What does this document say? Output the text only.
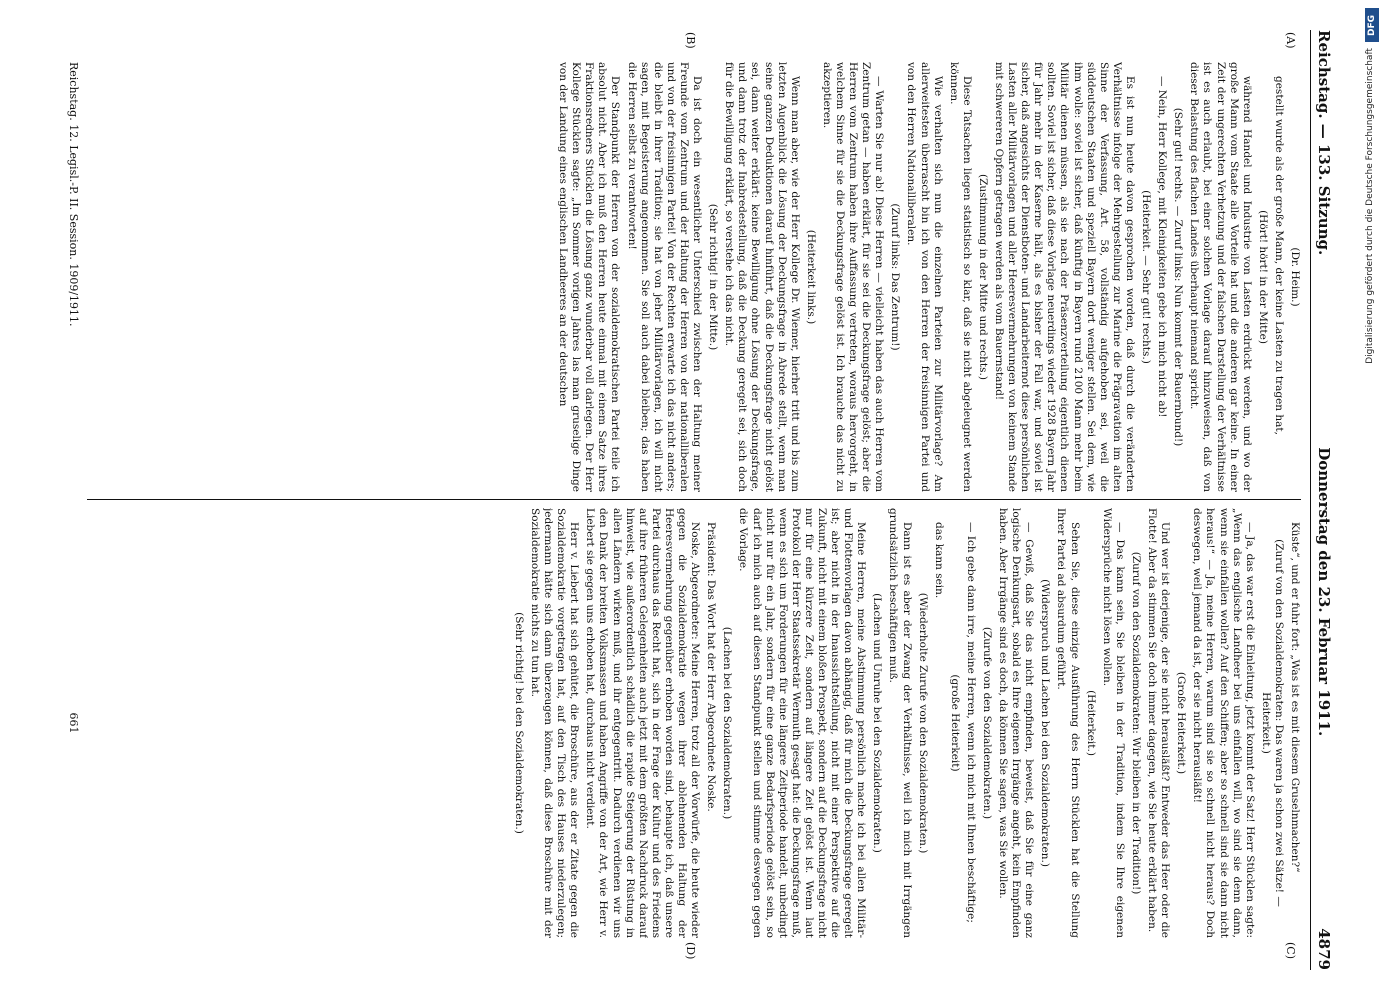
Reichstag. — 133. Sitzung.
Donnerstag den 23. Februar 1911.
4879
(A)
(B)
(C)
(D)

(Dr. Heim.)

gestellt wurde als der große Mann, der keine Lasten zu tragen hat,

(Hört! hört! in der Mitte)

während Handel und Industrie von Lasten erdrückt werden, und wo der große Mann vom Staate alle Vorteile hat und die anderen gar keine. In einer Zeit der ungerechten Verhetzung und der falschen Darstellung der Verhältnisse ist es auch erlaubt, bei einer solchen Vorlage darauf hinzuweisen, daß von dieser Belastung des flachen Landes überhaupt niemand spricht.

(Sehr gut! rechts. — Zuruf links: Nun kommt der Bauernbund!)

— Nein, Herr Kollege, mit Kleinigkeiten gebe ich mich nicht ab!

(Heiterkeit. — Sehr gut! rechts.)

Es ist nun heute davon gesprochen worden, daß durch die veränderten Verhältnisse infolge der Mehrgestellung zur Marine die Prägravation im alten Sinne der Verfassung, Art. 58, vollständig aufgehoben sei, weil die süddeutschen Staaten und speziell Bayern dort weniger stellen. Sei dem, wie ihm wolle: soviel ist sicher, daß künftig in Bayern rund 2100 Mann mehr beim Militär dienen müssen, als sie nach der Präsenzverteilung eigentlich dienen sollten. Soviel ist sicher, daß diese Vorlage neuerdings wieder 1928 Bayern Jahr für Jahr mehr in der Kaserne hält, als es bisher der Fall war, und soviel ist sicher, daß angesichts der Dienstboten- und Landarbeiternot diese persönlichen Lasten aller Militärvorlagen und aller Heeresvermehrungen von keinem Stande mit schwereren Opfern getragen werden als vom Bauernstand!

(Zustimmung in der Mitte und rechts.)

Diese Tatsachen liegen statistisch so klar, daß sie nicht abgeleugnet werden können.

Wie verhalten sich nun die einzelnen Parteien zur Militärvorlage? Am allerweitesten überrascht bin ich von den Herren der freisinnigen Partei und von den Herren Nationalliberalen.

(Zuruf links: Das Zentrum!)

— Warten Sie nur ab! Diese Herren — vielleicht haben das auch Herren vom Zentrum getan — haben erklärt, für sie sei die Deckungsfrage gelöst; aber die Herren vom Zentrum haben ihre Auffassung vertreten, woraus hervorgeht, in welchem Sinne für sie die Deckungsfrage gelöst ist. Ich brauche das nicht zu akzeptieren.

(Heiterkeit links.)

Wenn man aber, wie der Herr Kollege Dr. Wiemer, hierher tritt und bis zum letzten Augenblick die Lösung der Deckungsfrage in Abrede stellt, wenn man seine ganzen Deduktionen darauf hinführt, daß die Deckungsfrage nicht gelöst sei, dann weiter erklärt: keine Bewilligung ohne Lösung der Deckungsfrage, und dann trotz der Inabredestellung, daß die Deckung geregelt sei, sich doch für die Bewilligung erklärt, so verstehe ich das nicht.

(Sehr richtig! in der Mitte.)

Da ist doch ein wesentlicher Unterschied zwischen der Haltung meiner Freunde vom Zentrum und der Haltung der Herren von der nationalliberalen und von der freisinnigen Partei! Von der Rechten erwarte ich das nicht anders; die bleibt in ihrer Tradition; sie hat von jeher Militärvorlagen, ich will nicht sagen, mit Begeisterung angenommen. Sie soll auch dabei bleiben; das haben die Herren selbst zu verantworten!

Der Standpunkt der Herren von der sozialdemokratischen Partei teile ich absolut nicht. Aber ich muß den Herren heute einmal mit einem Satze ihres Fraktionsredners Stücklen die Lösung ganz wunderbar voll darlegen. Der Herr Kollege Stücklen sagte: „Im Sommer vorigen Jahres las man gruselige Dinge von der Landung eines englischen Landheeres an der deutschen

Küste“, und er fuhr fort: „Was ist es mit diesem Gruselnmachen?“

(Zuruf von den Sozialdemokraten: Das waren ja schon zwei Sätze! — Heiterkeit.)

— Ja, das war erst die Einleitung, jetzt kommt der Satz! Herr Stücklen sagte: „Wenn das englische Landheer bei uns einfallen will, wo sind sie denn dann, wenn sie einfallen wollen? Auf den Schiffen; aber so schnell sind sie dann nicht heraus!“ — Ja, meine Herren, warum sind sie so schnell nicht heraus? Doch deswegen, weil jemand da ist, der sie nicht herausläßt!

(Große Heiterkeit.)

Und wer ist derjenige, der sie nicht herausläßt? Entweder das Heer oder die Flotte! Aber da stimmen Sie doch immer dagegen, wie Sie heute erklärt haben.

(Zuruf von den Sozialdemokraten: Wir bleiben in der Tradition!)

— Das kann sein, Sie bleiben in der Tradition, indem Sie Ihre eigenen Widersprüche nicht lösen wollen.

(Heiterkeit.)

Sehen Sie, diese einzige Ausführung des Herrn Stücklen hat die Stellung Ihrer Partei ad absurdum geführt.

(Widerspruch und Lachen bei den Sozialdemokraten.)

— Gewiß, daß Sie das nicht empfinden, beweist, daß Sie für eine ganz logische Denkungsart, sobald es Ihre eigenen Irrgänge angeht, kein Empfinden haben. Aber Irrgänge sind es doch, da können Sie sagen, was Sie wollen.

(Zurufe von den Sozialdemokraten.)

— Ich gebe dann irre, meine Herren, wenn ich mich mit Ihnen beschäftige;

(große Heiterkeit)

das kann sein.

(Wiederholte Zurufe von den Sozialdemokraten.)

Dann ist es aber der Zwang der Verhältnisse, weil ich mich mit Irrgängen grundsätzlich beschäftigen muß.

(Lachen und Unruhe bei den Sozialdemokraten.)

Meine Herren, meine Abstimmung persönlich mache ich bei allen Militär- und Flottenvorlagen davon abhängig, daß für mich die Deckungsfrage geregelt ist; aber nicht in der Inaussichtstellung, nicht mit einer Perspektive auf die Zukunft, nicht mit einem bloßen Prospekt, sondern auf die Deckungsfrage nicht nur für eine kürzere Zeit, sondern auf längere Zeit gelöst ist. Wenn laut Protokoll der Herr Staatssekretär Wermuth gesagt hat: die Deckungsfrage muß, wenn es sich um Forderungen für eine längere Zeitperiode handelt, unbedingt nicht nur für ein Jahr, sondern für eine ganze Bedarfsperiode gelöst sein, so darf ich mich auch auf diesen Standpunkt stellen und stimme deswegen gegen die Vorlage.

(Lachen bei den Sozialdemokraten.)

Präsident: Das Wort hat der Herr Abgeordnete Noske.

Noske, Abgeordneter: Meine Herren, trotz all der Vorwürfe, die heute wieder gegen die Sozialdemokratie wegen ihrer ablehnenden Haltung der Heeresvermehrung gegenüber erhoben worden sind, behaupte ich, daß unsere Partei durchaus das Recht hat, sich in der Frage der Kultur und des Friedens auf ihre früheren Gelegenheiten auch jetzt mit dem größten Nachdruck darauf hinweist, wie außerordentlich schädlich die rapide Steigerung der Rüstung in allen Ländern wirken muß, und ihr entgegentritt. Dadurch verdienen wir uns den Dank der breiten Volksmassen und haben Angriffe von der Art, wie Herr v. Liebert sie gegen uns erhoben hat, durchaus nicht verdient.

Herr v. Liebert hat sich gehütet, die Broschüre, aus der er Zitate gegen die Sozialdemokratie vorgetragen hat, auf den Tisch des Hauses niederzulegen; jedermann hätte sich dann überzeugen können, daß diese Broschüre mit der Sozialdemokratie nichts zu tun hat.

(Sehr richtig! bei den Sozialdemokraten.)

Reichstag. 12. Legisl.-P. II. Session. 1909/1911.
661
DFG
Digitalisierung gefördert durch die Deutsche Forschungsgemeinschaft
